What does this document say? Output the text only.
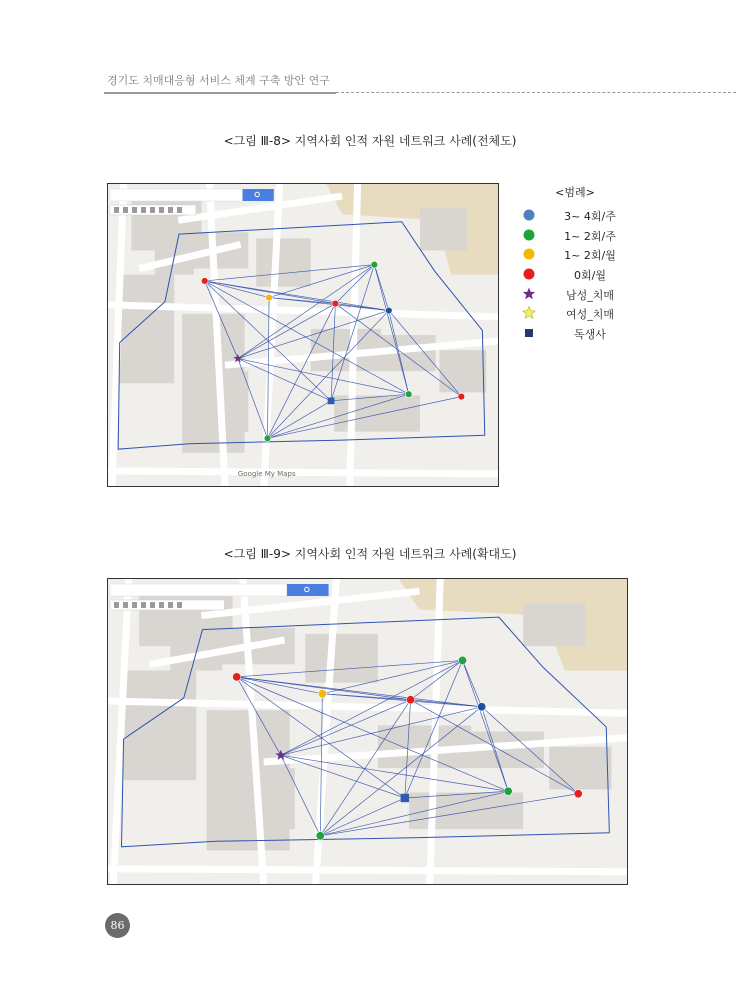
경기도 치매대응형 서비스 체계 구축 방안 연구
<그림 Ⅲ-8> 지역사회 인적 자원 네트워크 사례(전체도)
Google My Maps
<범례>
3~ 4회/주
1~ 2회/주
1~ 2회/월
0회/월
남성_치매
여성_치매
독생사
<그림 Ⅲ-9> 지역사회 인적 자원 네트워크 사례(확대도)
86
